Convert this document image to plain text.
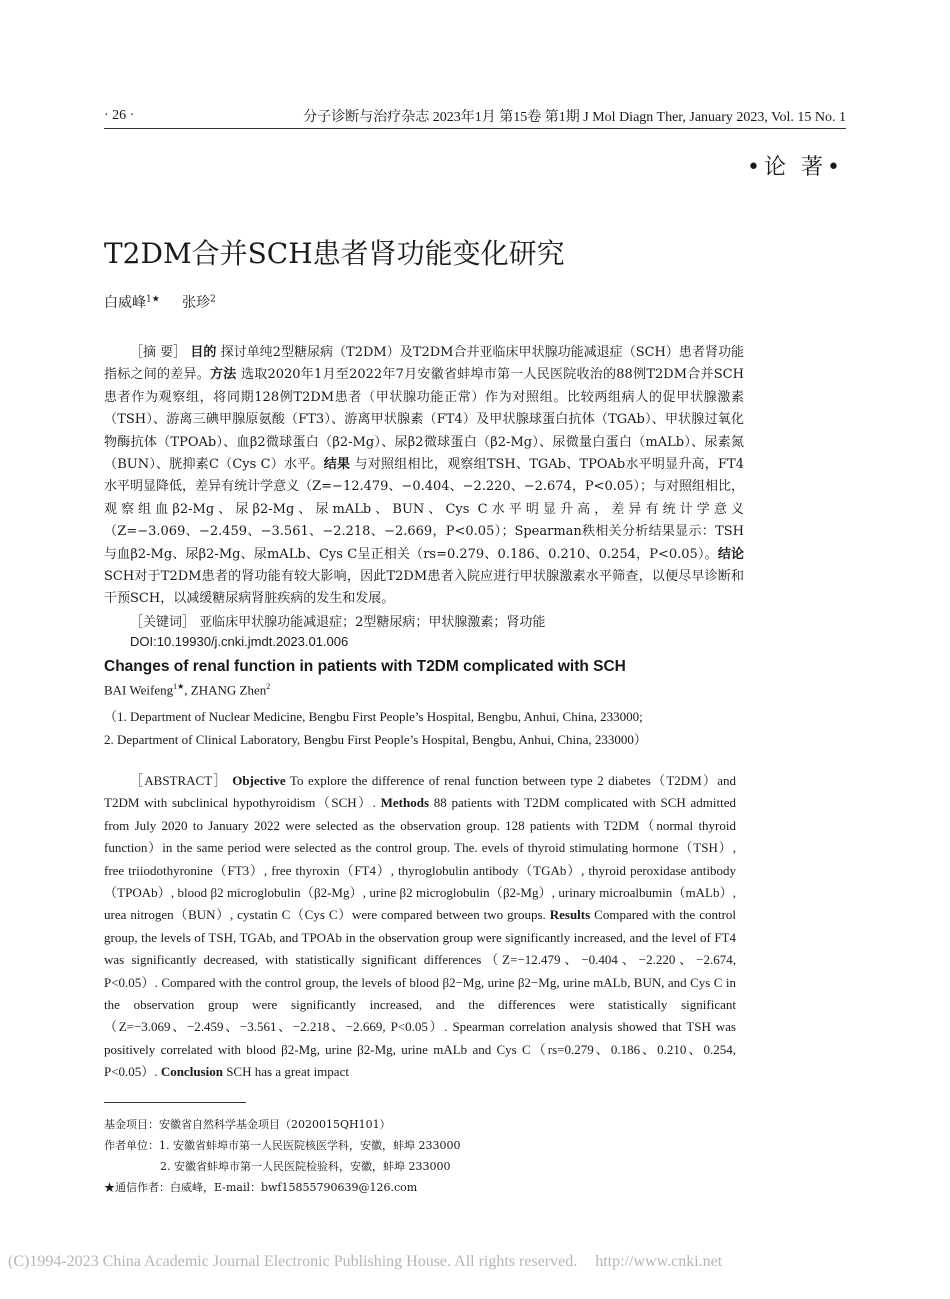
· 26 ·	分子诊断与治疗杂志 2023年1月 第15卷 第1期 J Mol Diagn Ther, January 2023, Vol. 15 No. 1
•论 著•
T2DM合并SCH患者肾功能变化研究
白威峰$^{1★}$ 张珍$^2$
［摘 要］ 目的 探讨单纯2型糖尿病（T2DM）及T2DM合并亚临床甲状腺功能减退症（SCH）患者肾功能指标之间的差异。方法 选取2020年1月至2022年7月安徽省蚌埠市第一人民医院收治的88例T2DM合并SCH患者作为观察组，将同期128例T2DM患者（甲状腺功能正常）作为对照组。比较两组病人的促甲状腺激素（TSH）、游离三碘甲腺原氨酸（FT3）、游离甲状腺素（FT4）及甲状腺球蛋白抗体（TGAb）、甲状腺过氧化物酶抗体（TPOAb）、血β2微球蛋白（β2-Mg）、尿β2微球蛋白（β2-Mg）、尿微量白蛋白（mALb）、尿素氮（BUN）、胱抑素C（Cys C）水平。结果 与对照组相比，观察组TSH、TGAb、TPOAb水平明显升高，FT4水平明显降低，差异有统计学意义（Z=−12.479、−0.404、−2.220、−2.674，P<0.05）；与对照组相比，观察组血β2-Mg、尿β2-Mg、尿mALb、BUN、Cys C水平明显升高，差异有统计学意义（Z=−3.069、−2.459、−3.561、−2.218、−2.669，P<0.05）；Spearman秩相关分析结果显示：TSH与血β2-Mg、尿β2-Mg、尿mALb、Cys C呈正相关（rs=0.279、0.186、0.210、0.254，P<0.05）。结论 SCH对于T2DM患者的肾功能有较大影响，因此T2DM患者入院应进行甲状腺激素水平筛查，以便尽早诊断和干预SCH，以减缓糖尿病肾脏疾病的发生和发展。
［关键词］ 亚临床甲状腺功能减退症；2型糖尿病；甲状腺激素；肾功能
DOI:10.19930/j.cnki.jmdt.2023.01.006
Changes of renal function in patients with T2DM complicated with SCH
BAI Weifeng$^{1★}$, ZHANG Zhen$^2$
（1. Department of Nuclear Medicine, Bengbu First People’s Hospital, Bengbu, Anhui, China, 233000;
2. Department of Clinical Laboratory, Bengbu First People’s Hospital, Bengbu, Anhui, China, 233000）
［ABSTRACT］ Objective To explore the difference of renal function between type 2 diabetes（T2DM）and T2DM with subclinical hypothyroidism（SCH）. Methods 88 patients with T2DM complicated with SCH admitted from July 2020 to January 2022 were selected as the observation group. 128 patients with T2DM（normal thyroid function）in the same period were selected as the control group. The. evels of thyroid stimulating hormone（TSH）, free triiodothyronine（FT3）, free thyroxin（FT4）, thyroglobulin antibody（TGAb）, thyroid peroxidase antibody（TPOAb）, blood β2 microglobulin（β2-Mg）, urine β2 microglobulin（β2-Mg）, urinary microalbumin（mALb）, urea nitrogen（BUN）, cystatin C（Cys C）were compared between two groups. Results Compared with the control group, the levels of TSH, TGAb, and TPOAb in the observation group were significantly increased, and the level of FT4 was significantly decreased, with statistically significant differences（Z=−12.479、−0.404、−2.220、−2.674, P<0.05）. Compared with the control group, the levels of blood β2−Mg, urine β2−Mg, urine mALb, BUN, and Cys C in the observation group were significantly increased, and the differences were statistically significant（Z=−3.069、−2.459、−3.561、−2.218、−2.669, P<0.05）. Spearman correlation analysis showed that TSH was positively correlated with blood β2-Mg, urine β2-Mg, urine mALb and Cys C（rs=0.279、0.186、0.210、0.254, P<0.05）. Conclusion SCH has a great impact
基金项目：安徽省自然科学基金项目（2020015QH101）
作者单位：1. 安徽省蚌埠市第一人民医院核医学科，安徽，蚌埠 233000
2. 安徽省蚌埠市第一人民医院检验科，安徽，蚌埠 233000
★通信作者：白威峰，E-mail：bwf15855790639@126.com
(C)1994-2023 China Academic Journal Electronic Publishing House. All rights reserved. http://www.cnki.net
